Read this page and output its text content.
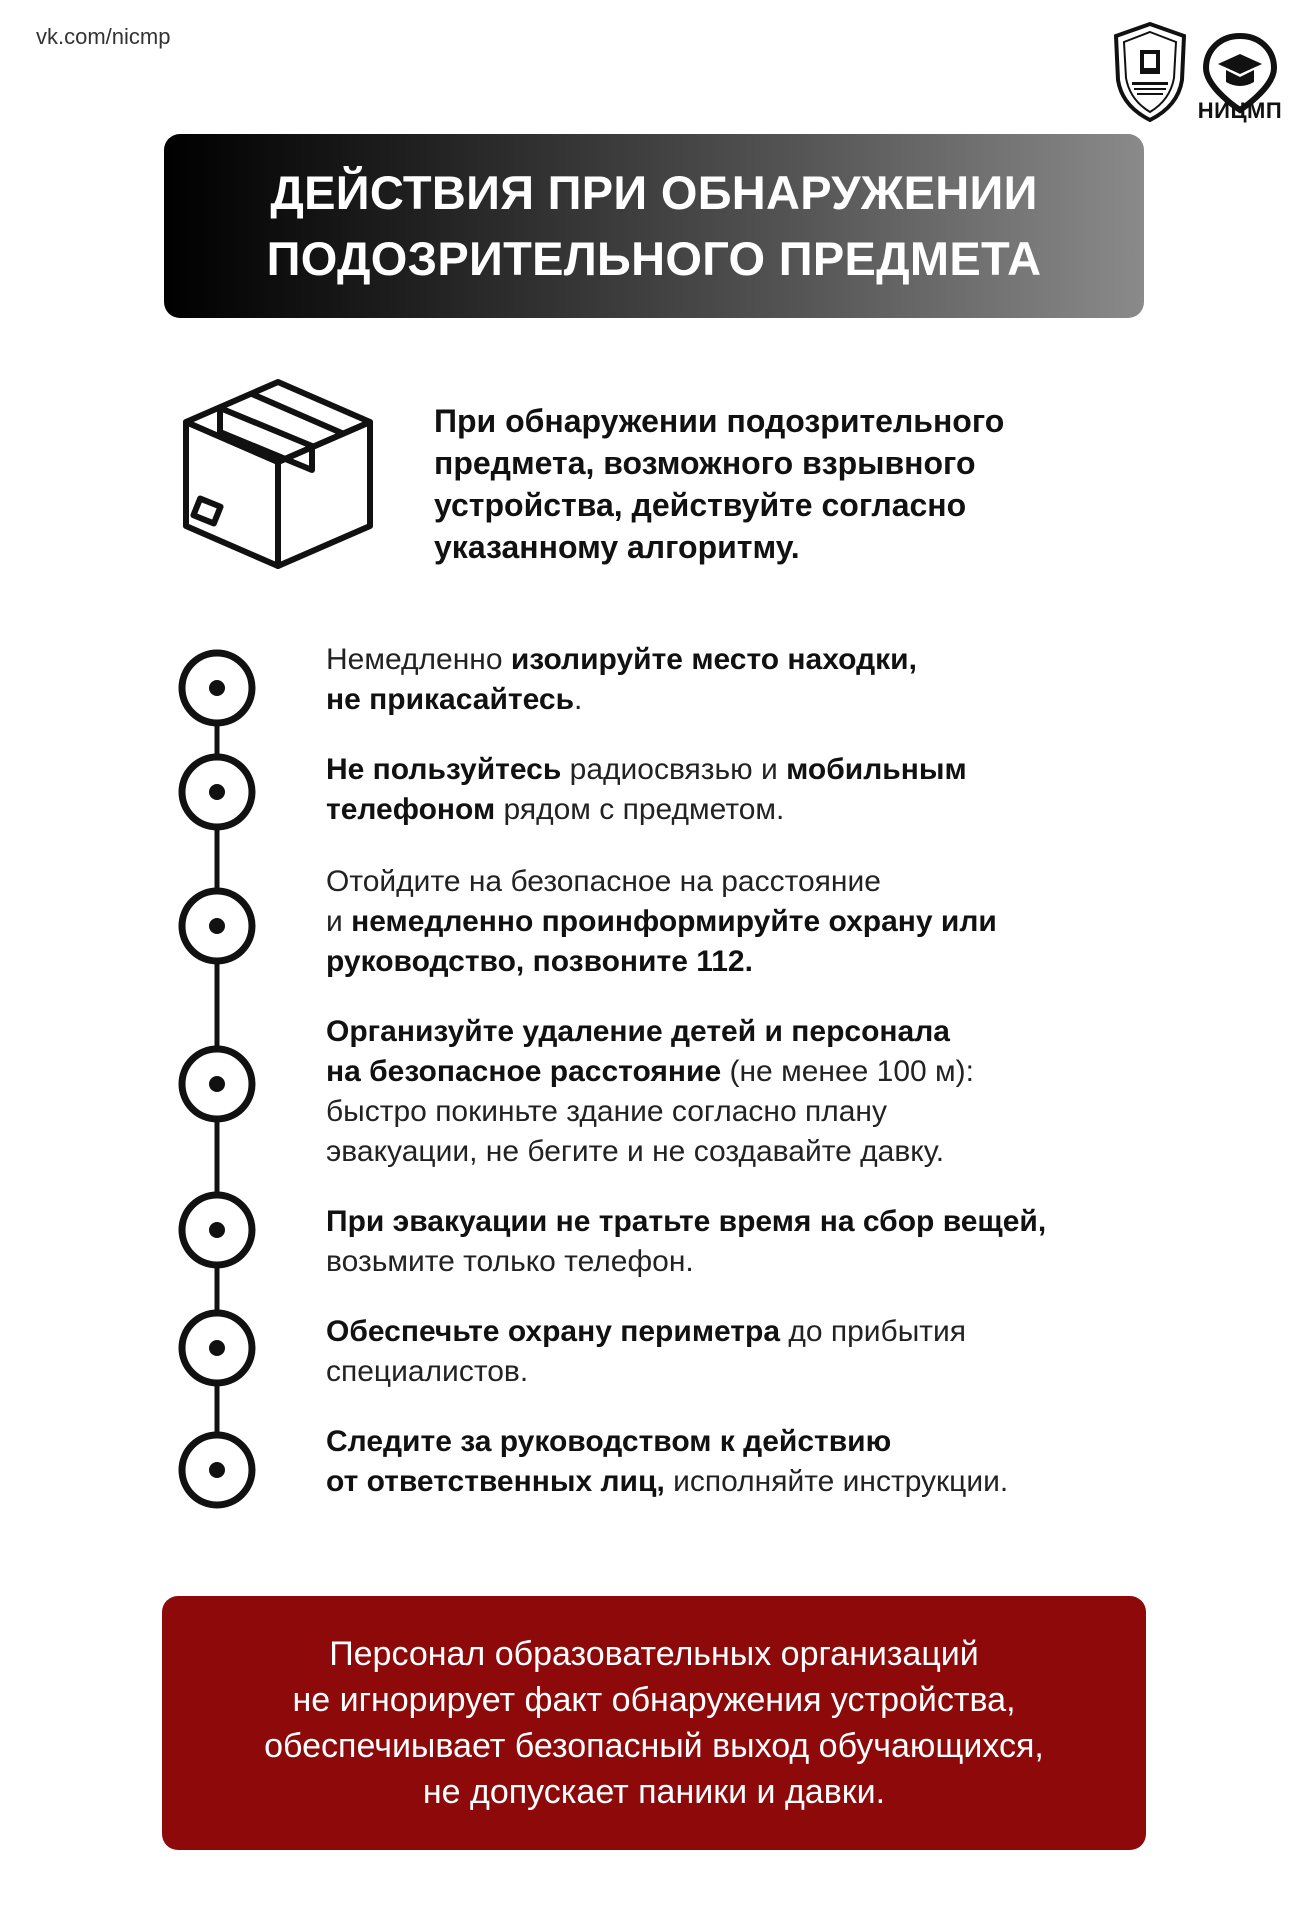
vk.com/nicmp
НИЦМП
ДЕЙСТВИЯ ПРИ ОБНАРУЖЕНИИ
ПОДОЗРИТЕЛЬНОГО ПРЕДМЕТА
При обнаружении подозрительного
предмета, возможного взрывного
устройства, действуйте согласно
указанному алгоритму.
Немедленно изолируйте место находки,
не прикасайтесь.
Не пользуйтесь радиосвязью и мобильным
телефоном рядом с предметом.
Отойдите на безопасное на расстояние
и немедленно проинформируйте охрану или
руководство, позвоните 112.
Организуйте удаление детей и персонала
на безопасное расстояние (не менее 100 м):
быстро покиньте здание согласно плану
эвакуации, не бегите и не создавайте давку.
При эвакуации не тратьте время на сбор вещей,
возьмите только телефон.
Обеспечьте охрану периметра до прибытия
специалистов.
Следите за руководством к действию
от ответственных лиц, исполняйте инструкции.
Персонал образовательных организаций
не игнорирует факт обнаружения устройства,
обеспечиывает безопасный выход обучающихся,
не допускает паники и давки.
